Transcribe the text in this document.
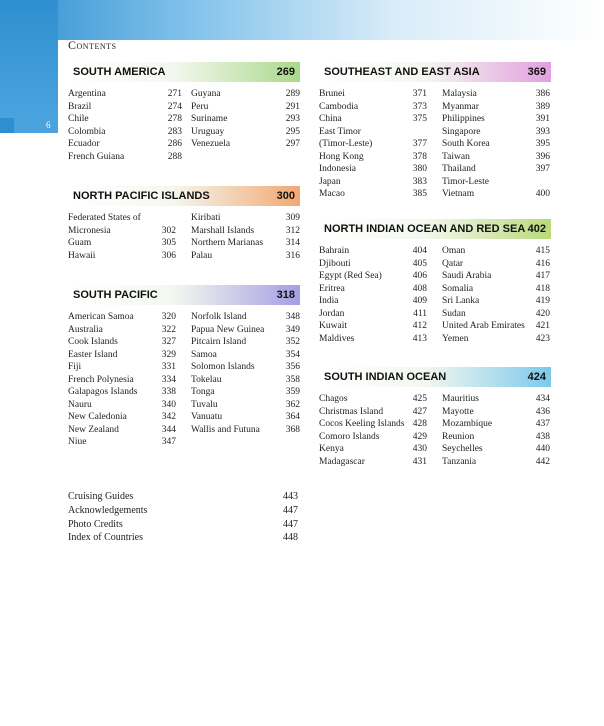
6
Contents
SOUTH AMERICA	269
Argentina	271 Guyana	289
Brazil	274 Peru	291
Chile	278 Suriname	293
Colombia	283 Uruguay	295
Ecuador	286 Venezuela	297
French Guiana	288
NORTH PACIFIC ISLANDS	300
Federated States of	Kiribati	309
Micronesia	302 Marshall Islands	312
Guam	305 Northern Marianas	314
Hawaii	306 Palau	316
SOUTH PACIFIC	318
American Samoa	320 Norfolk Island	348
Australia	322 Papua New Guinea	349
Cook Islands	327 Pitcairn Island	352
Easter Island	329 Samoa	354
Fiji	331 Solomon Islands	356
French Polynesia	334 Tokelau	358
Galapagos Islands	338 Tonga	359
Nauru	340 Tuvalu	362
New Caledonia	342 Vanuatu	364
New Zealand	344 Wallis and Futuna	368
Niue	347
SOUTHEAST AND EAST ASIA	369
Brunei	371 Malaysia	386
Cambodia	373 Myanmar	389
China	375 Philippines	391
East Timor	Singapore	393
(Timor-Leste)	377 South Korea	395
Hong Kong	378 Taiwan	396
Indonesia	380 Thailand	397
Japan	383 Timor-Leste
Macao	385 Vietnam	400
NORTH INDIAN OCEAN AND RED SEA 402
Bahrain	404 Oman	415
Djibouti	405 Qatar	416
Egypt (Red Sea)	406 Saudi Arabia	417
Eritrea	408 Somalia	418
India	409 Sri Lanka	419
Jordan	411 Sudan	420
Kuwait	412 United Arab Emirates	421
Maldives	413 Yemen	423
SOUTH INDIAN OCEAN	424
Chagos	425 Mauritius	434
Christmas Island	427 Mayotte	436
Cocos Keeling Islands 428 Mozambique	437
Comoro Islands	429 Reunion	438
Kenya	430 Seychelles	440
Madagascar	431 Tanzania	442
Cruising Guides	443
Acknowledgements	447
Photo Credits	447
Index of Countries	448
